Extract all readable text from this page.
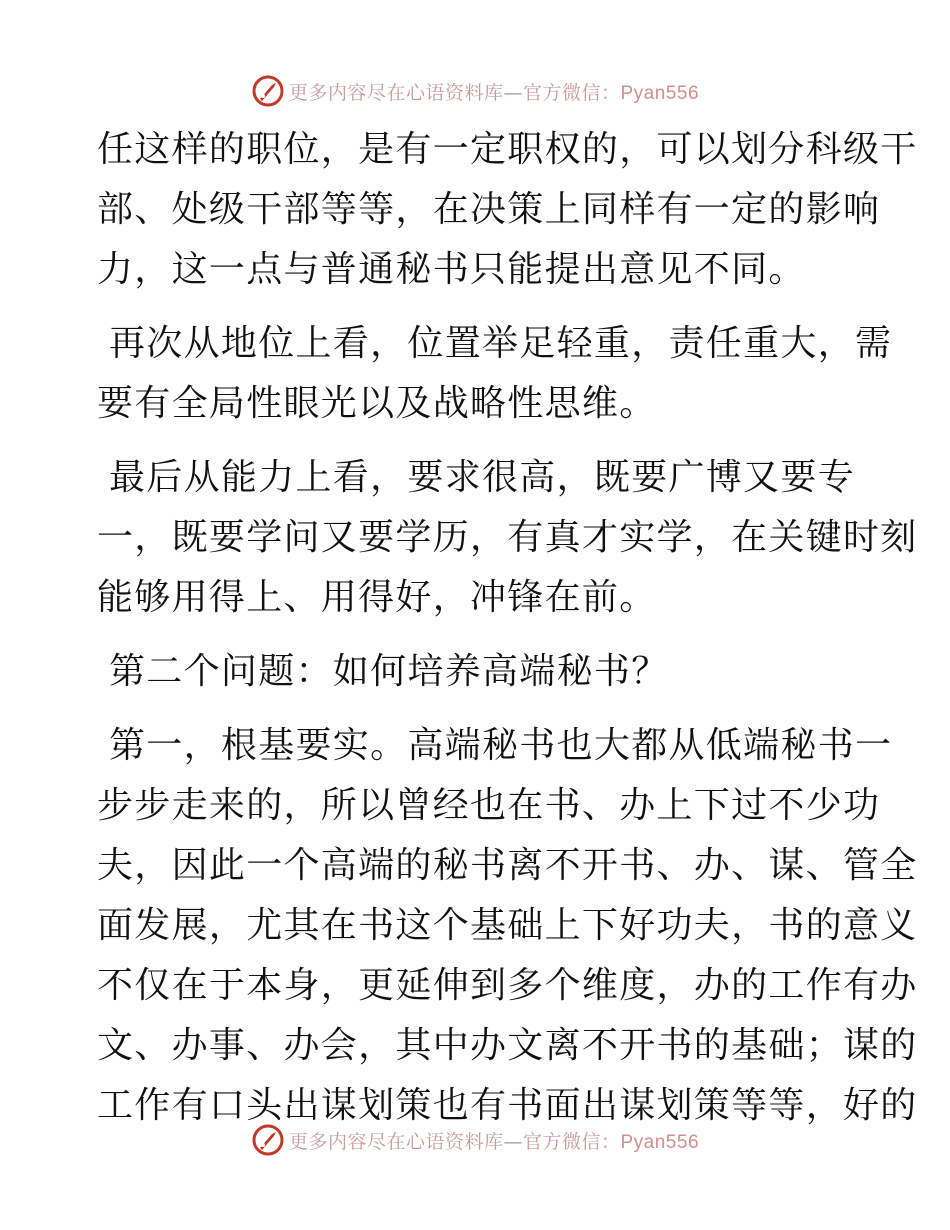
更多内容尽在心语资料库—官方微信：Pyan556

任这样的职位，是有一定职权的，可以划分科级干
部、处级干部等等，在决策上同样有一定的影响
力，这一点与普通秘书只能提出意见不同。

再次从地位上看，位置举足轻重，责任重大，需
要有全局性眼光以及战略性思维。

最后从能力上看，要求很高，既要广博又要专
一，既要学问又要学历，有真才实学，在关键时刻
能够用得上、用得好，冲锋在前。

第二个问题：如何培养高端秘书？

第一，根基要实。高端秘书也大都从低端秘书一
步步走来的，所以曾经也在书、办上下过不少功
夫，因此一个高端的秘书离不开书、办、谋、管全
面发展，尤其在书这个基础上下好功夫，书的意义
不仅在于本身，更延伸到多个维度，办的工作有办
文、办事、办会，其中办文离不开书的基础；谋的
工作有口头出谋划策也有书面出谋划策等等，好的

更多内容尽在心语资料库—官方微信：Pyan556
